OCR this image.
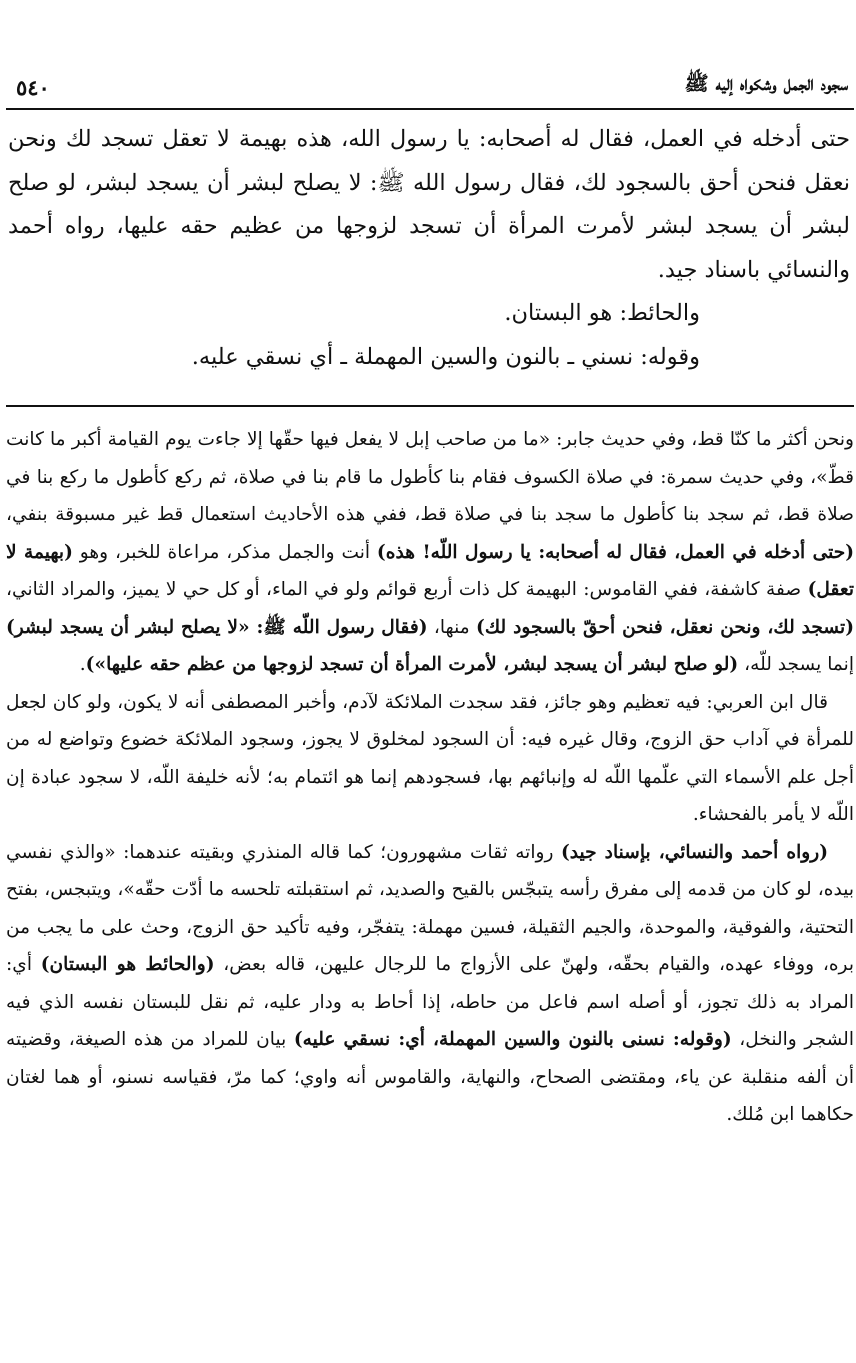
سجود الجمل وشكواه إليه ﷺ
٥٤٠

حتى أدخله في العمل، فقال له أصحابه: يا رسول الله، هذه بهيمة لا تعقل تسجد لك ونحن نعقل فنحن أحق بالسجود لك، فقال رسول الله ﷺ: لا يصلح لبشر أن يسجد لبشر، لو صلح لبشر أن يسجد لبشر لأمرت المرأة أن تسجد لزوجها من عظيم حقه عليها، رواه أحمد والنسائي باسناد جيد.

والحائط: هو البستان.

وقوله: نسني ـ بالنون والسين المهملة ـ أي نسقي عليه.

ونحن أكثر ما كنّا قط، وفي حديث جابر: «ما من صاحب إبل لا يفعل فيها حقّها إلا جاءت يوم القيامة أكبر ما كانت قطّ»، وفي حديث سمرة: في صلاة الكسوف فقام بنا كأطول ما قام بنا في صلاة، ثم ركع كأطول ما ركع بنا في صلاة قط، ثم سجد بنا كأطول ما سجد بنا في صلاة قط، ففي هذه الأحاديث استعمال قط غير مسبوقة بنفي، (حتى أدخله في العمل، فقال له أصحابه: يا رسول اللّه! هذه) أنت والجمل مذكر، مراعاة للخبر، وهو (بهيمة لا تعقل) صفة كاشفة، ففي القاموس: البهيمة كل ذات أربع قوائم ولو في الماء، أو كل حي لا يميز، والمراد الثاني، (تسجد لك، ونحن نعقل، فنحن أحقّ بالسجود لك) منها، (فقال رسول اللّه ﷺ: «لا يصلح لبشر أن يسجد لبشر) إنما يسجد للّه، (لو صلح لبشر أن يسجد لبشر، لأمرت المرأة أن تسجد لزوجها من عظم حقه عليها»).

قال ابن العربي: فيه تعظيم وهو جائز، فقد سجدت الملائكة لآدم، وأخبر المصطفى أنه لا يكون، ولو كان لجعل للمرأة في آداب حق الزوج، وقال غيره فيه: أن السجود لمخلوق لا يجوز، وسجود الملائكة خضوع وتواضع له من أجل علم الأسماء التي علّمها اللّه له وإنبائهم بها، فسجودهم إنما هو ائتمام به؛ لأنه خليفة اللّه، لا سجود عبادة إن اللّه لا يأمر بالفحشاء.

(رواه أحمد والنسائي، بإسناد جيد) رواته ثقات مشهورون؛ كما قاله المنذري وبقيته عندهما: «والذي نفسي بيده، لو كان من قدمه إلى مفرق رأسه يتبجّس بالقيح والصديد، ثم استقبلته تلحسه ما أدّت حقّه»، ويتبجس، بفتح التحتية، والفوقية، والموحدة، والجيم الثقيلة، فسين مهملة: يتفجّر، وفيه تأكيد حق الزوج، وحث على ما يجب من بره، ووفاء عهده، والقيام بحقّه، ولهنّ على الأزواج ما للرجال عليهن، قاله بعض، (والحائط هو البستان) أي: المراد به ذلك تجوز، أو أصله اسم فاعل من حاطه، إذا أحاط به ودار عليه، ثم نقل للبستان نفسه الذي فيه الشجر والنخل، (وقوله: نسنى بالنون والسين المهملة، أي: نسقي عليه) بيان للمراد من هذه الصيغة، وقضيته أن ألفه منقلبة عن ياء، ومقتضى الصحاح، والنهاية، والقاموس أنه واوي؛ كما مرّ، فقياسه نسنو، أو هما لغتان حكاهما ابن مُلك.
